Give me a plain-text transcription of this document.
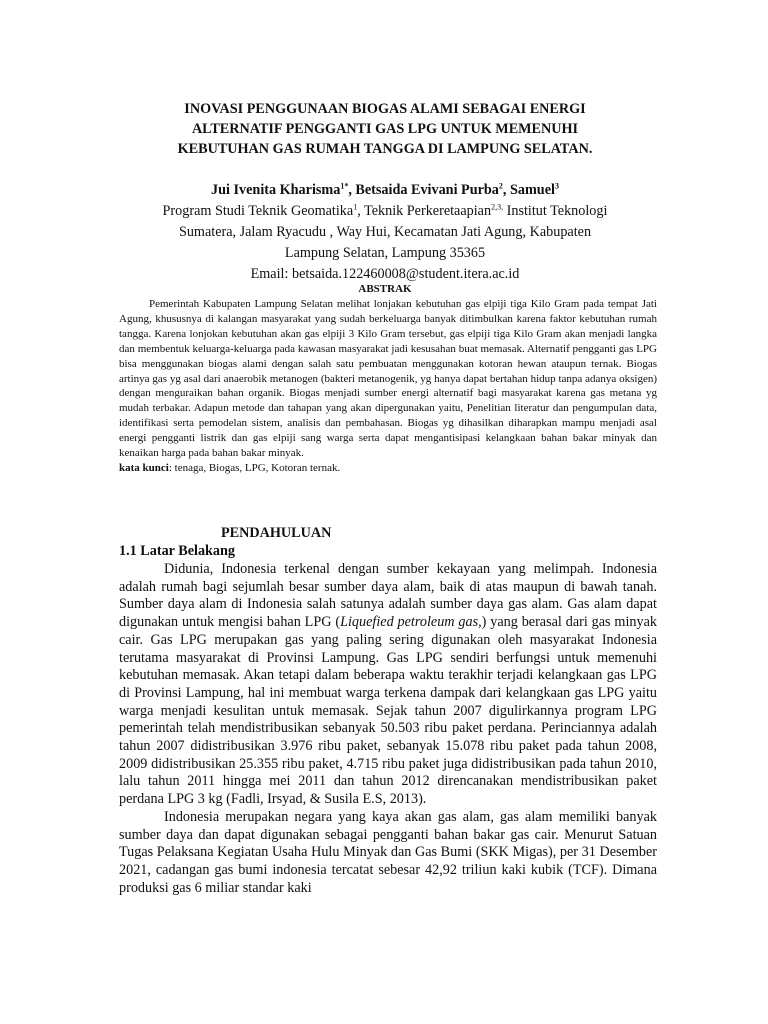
INOVASI PENGGUNAAN BIOGAS ALAMI SEBAGAI ENERGI
ALTERNATIF PENGGANTI GAS LPG UNTUK MEMENUHI
KEBUTUHAN GAS RUMAH TANGGA DI LAMPUNG SELATAN.
Jui Ivenita Kharisma$^{1*}$, Betsaida Evivani Purba$^2$, Samuel$^3$
Program Studi Teknik Geomatika$^1$, Teknik Perkeretaapian$^{2,3,}$ Institut Teknologi
Sumatera, Jalam Ryacudu , Way Hui, Kecamatan Jati Agung, Kabupaten
Lampung Selatan, Lampung 35365
Email: betsaida.122460008@student.itera.ac.id
ABSTRAK

Pemerintah Kabupaten Lampung Selatan melihat lonjakan kebutuhan gas elpiji tiga Kilo Gram pada tempat Jati Agung, khususnya di kalangan masyarakat yang sudah berkeluarga banyak ditimbulkan karena faktor kebutuhan rumah tangga. Karena lonjokan kebutuhan akan gas elpiji 3 Kilo Gram tersebut, gas elpiji tiga Kilo Gram akan menjadi langka dan membentuk keluarga-keluarga pada kawasan masyarakat jadi kesusahan buat memasak. Alternatif pengganti gas LPG bisa menggunakan biogas alami dengan salah satu pembuatan menggunakan kotoran hewan ataupun ternak. Biogas artinya gas yg asal dari anaerobik metanogen (bakteri metanogenik, yg hanya dapat bertahan hidup tanpa adanya oksigen) dengan menguraikan bahan organik. Biogas menjadi sumber energi alternatif bagi masyarakat karena gas metana yg mudah terbakar. Adapun metode dan tahapan yang akan dipergunakan yaitu, Penelitian literatur dan pengumpulan data, identifikasi serta pemodelan sistem, analisis dan pembahasan. Biogas yg dihasilkan diharapkan mampu menjadi asal energi pengganti listrik dan gas elpiji sang warga serta dapat mengantisipasi kelangkaan bahan bakar minyak dan kenaikan harga pada bahan bakar minyak.

kata kunci: tenaga, Biogas, LPG, Kotoran ternak.

PENDAHULUAN
1.1 Latar Belakang

Didunia, Indonesia terkenal dengan sumber kekayaan yang melimpah. Indonesia adalah rumah bagi sejumlah besar sumber daya alam, baik di atas maupun di bawah tanah. Sumber daya alam di Indonesia salah satunya adalah sumber daya gas alam. Gas alam dapat digunakan untuk mengisi bahan LPG (Liquefied petroleum gas,) yang berasal dari gas minyak cair. Gas LPG merupakan gas yang paling sering digunakan oleh masyarakat Indonesia terutama masyarakat di Provinsi Lampung. Gas LPG sendiri berfungsi untuk memenuhi kebutuhan memasak. Akan tetapi dalam beberapa waktu terakhir terjadi kelangkaan gas LPG di Provinsi Lampung, hal ini membuat warga terkena dampak dari kelangkaan gas LPG yaitu warga menjadi kesulitan untuk memasak. Sejak tahun 2007 digulirkannya program LPG pemerintah telah mendistribusikan sebanyak 50.503 ribu paket perdana. Perinciannya adalah tahun 2007 didistribusikan 3.976 ribu paket, sebanyak 15.078 ribu paket pada tahun 2008, 2009 didistribusikan 25.355 ribu paket, 4.715 ribu paket juga didistribusikan pada tahun 2010, lalu tahun 2011 hingga mei 2011 dan tahun 2012 direncanakan mendistribusikan paket perdana LPG 3 kg (Fadli, Irsyad, & Susila E.S, 2013).

Indonesia merupakan negara yang kaya akan gas alam, gas alam memiliki banyak sumber daya dan dapat digunakan sebagai pengganti bahan bakar gas cair. Menurut Satuan Tugas Pelaksana Kegiatan Usaha Hulu Minyak dan Gas Bumi (SKK Migas), per 31 Desember 2021, cadangan gas bumi indonesia tercatat sebesar 42,92 triliun kaki kubik (TCF). Dimana produksi gas 6 miliar standar kaki
